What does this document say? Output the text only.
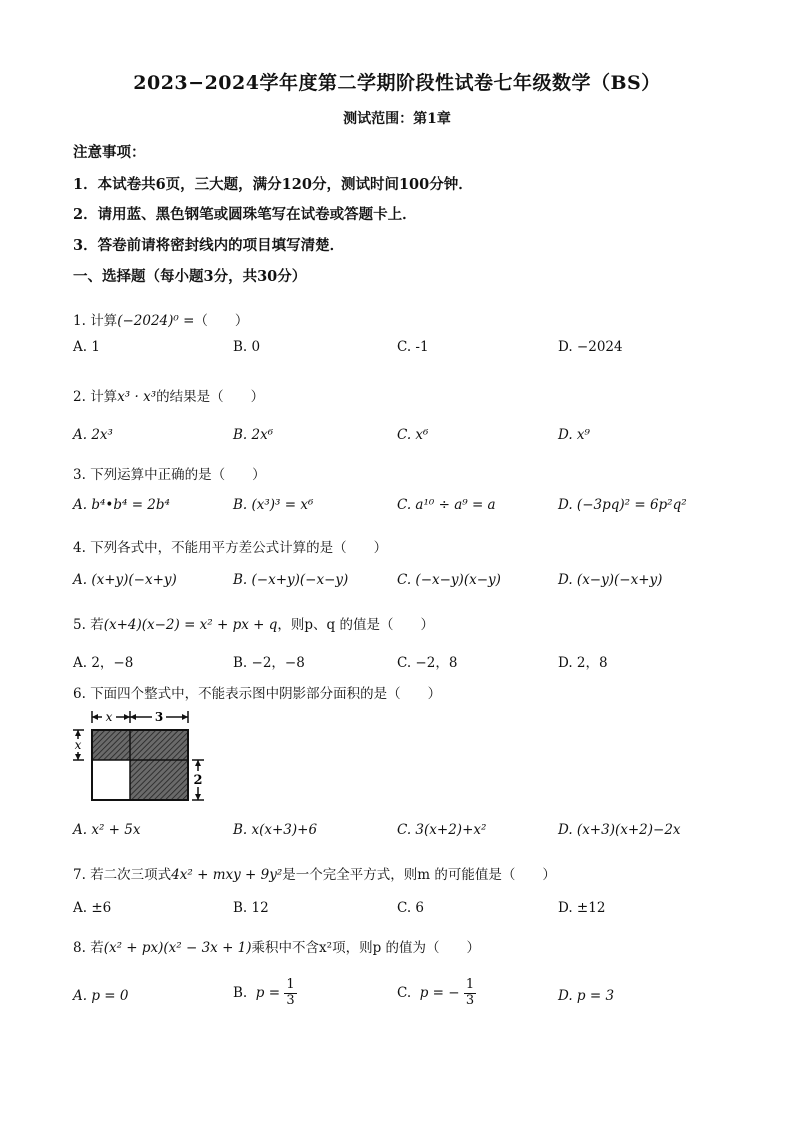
2023−2024学年度第二学期阶段性试卷七年级数学（BS）
测试范围：第1章
注意事项：
1．本试卷共6页，三大题，满分120分，测试时间100分钟．
2．请用蓝、黑色钢笔或圆珠笔写在试卷或答题卡上．
3．答卷前请将密封线内的项目填写清楚．
一、选择题（每小题3分，共30分）
1. 计算(−2024)⁰ =（　　）
A. 1	B. 0	C. -1	D. −2024
2. 计算x³ · x³的结果是（　　）
A. 2x³	B. 2x⁶	C. x⁶	D. x⁹
3. 下列运算中正确的是（　　）
A. b⁴•b⁴ = 2b⁴	B. (x³)³ = x⁶	C. a¹⁰ ÷ a⁹ = a	D. (−3pq)² = 6p²q²
4. 下列各式中，不能用平方差公式计算的是（　　）
A. (x+y)(−x+y)	B. (−x+y)(−x−y)	C. (−x−y)(x−y)	D. (x−y)(−x+y)
5. 若(x+4)(x−2) = x² + px + q，则p、q 的值是（　　）
A. 2，−8	B. −2，−8	C. −2，8	D. 2，8
6. 下面四个整式中，不能表示图中阴影部分面积的是（　　）
x	3
x
2
A. x² + 5x	B. x(x+3)+6	C. 3(x+2)+x²	D. (x+3)(x+2)−2x
7. 若二次三项式4x² + mxy + 9y²是一个完全平方式，则m 的可能值是（　　）
A. ±6	B. 12	C. 6	D. ±12
8. 若(x² + px)(x² − 3x + 1)乘积中不含x²项，则p 的值为（　　）
A. p = 0	B.  $p = \frac{1}{3}$	C.  p = − $\frac{1}{3}$	D. p = 3
